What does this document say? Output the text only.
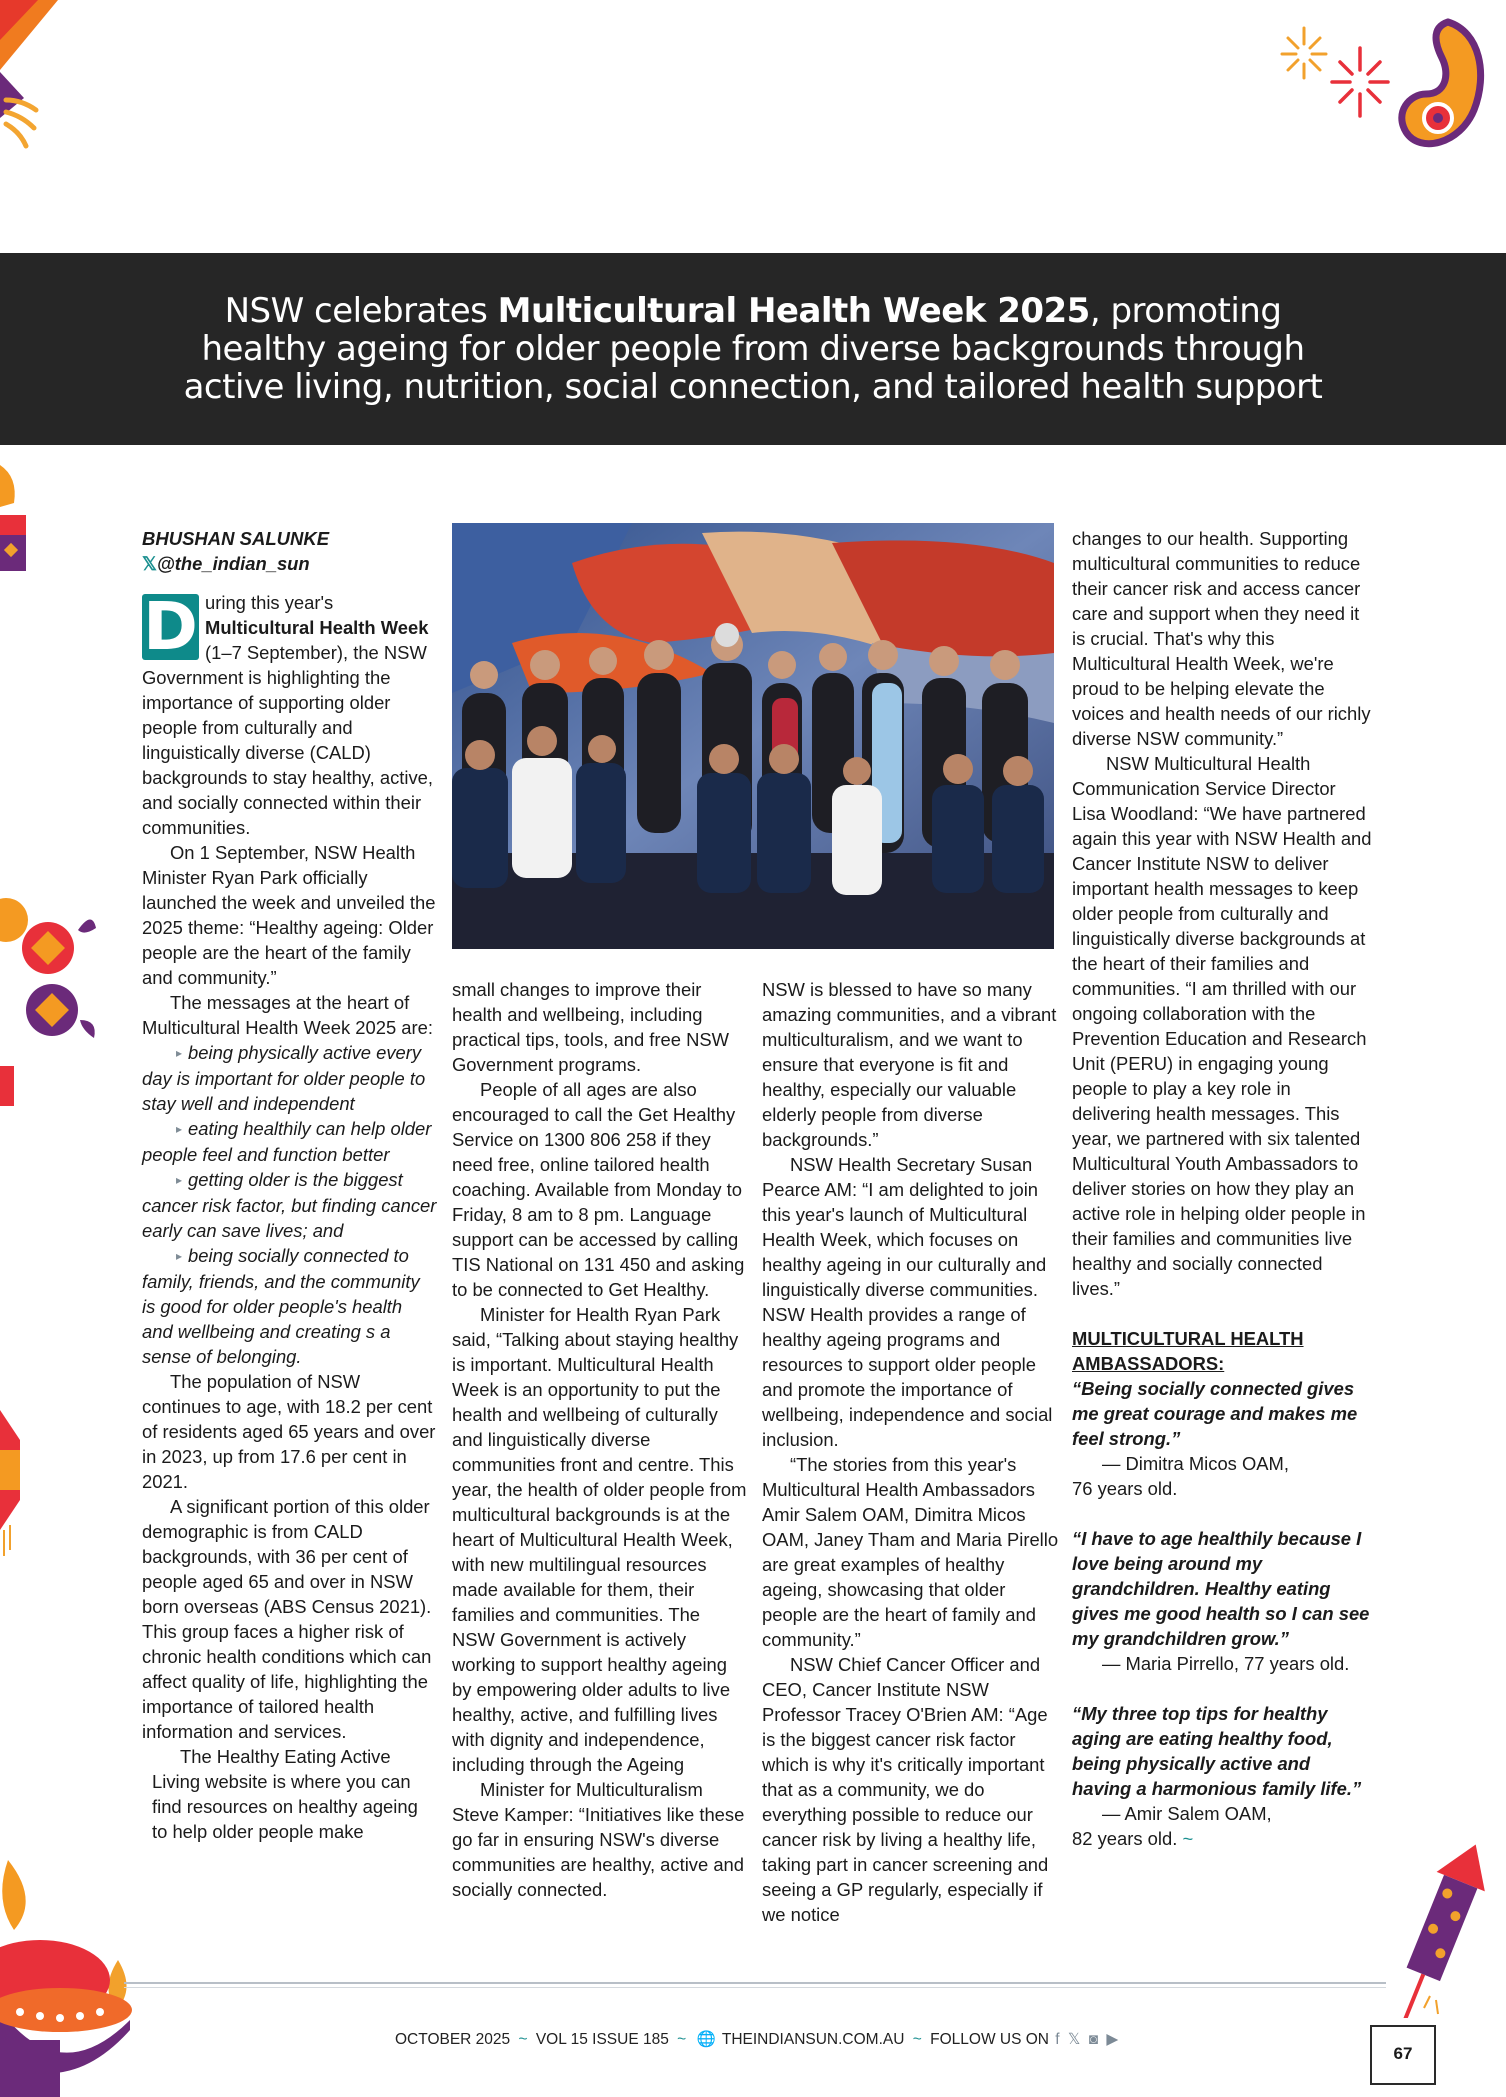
NSW celebrates Multicultural Health Week 2025, promoting
healthy ageing for older people from diverse backgrounds through
active living, nutrition, social connection, and tailored health support

BHUSHAN SALUNKE

𝕏@the_indian_sun

D uring this year's Multicultural Health Week (1–7 September), the NSW Government is highlighting the importance of supporting older people from culturally and linguistically diverse (CALD) backgrounds to stay healthy, active, and socially connected within their communities.

On 1 September, NSW Health Minister Ryan Park officially launched the week and unveiled the 2025 theme: “Healthy ageing: Older people are the heart of the family and community.”

The messages at the heart of Multicultural Health Week 2025 are:

▸ being physically active every day is important for older people to stay well and independent

▸ eating healthily can help older people feel and function better

▸ getting older is the biggest cancer risk factor, but finding cancer early can save lives; and

▸ being socially connected to family, friends, and the community is good for older people's health and wellbeing and creating s a sense of belonging.

The population of NSW continues to age, with 18.2 per cent of residents aged 65 years and over in 2023, up from 17.6 per cent in 2021.

A significant portion of this older demographic is from CALD backgrounds, with 36 per cent of people aged 65 and over in NSW born overseas (ABS Census 2021). This group faces a higher risk of chronic health conditions which can affect quality of life, highlighting the importance of tailored health information and services.

The Healthy Eating Active Living website is where you can find resources on healthy ageing to help older people make

small changes to improve their health and wellbeing, including practical tips, tools, and free NSW Government programs.

People of all ages are also encouraged to call the Get Healthy Service on 1300 806 258 if they need free, online tailored health coaching. Available from Monday to Friday, 8 am to 8 pm. Language support can be accessed by calling TIS National on 131 450 and asking to be connected to Get Healthy.

Minister for Health Ryan Park said, “Talking about staying healthy is important. Multicultural Health Week is an opportunity to put the health and wellbeing of culturally and linguistically diverse communities front and centre. This year, the health of older people from multicultural backgrounds is at the heart of Multicultural Health Week, with new multilingual resources made available for them, their families and communities. The NSW Government is actively working to support healthy ageing by empowering older adults to live healthy, active, and fulfilling lives with dignity and independence, including through the Ageing

Minister for Multiculturalism Steve Kamper: “Initiatives like these go far in ensuring NSW's diverse communities are healthy, active and socially connected.

NSW is blessed to have so many amazing communities, and a vibrant multiculturalism, and we want to ensure that everyone is fit and healthy, especially our valuable elderly people from diverse backgrounds.”

NSW Health Secretary Susan Pearce AM: “I am delighted to join this year's launch of Multicultural Health Week, which focuses on healthy ageing in our culturally and linguistically diverse communities. NSW Health provides a range of healthy ageing programs and resources to support older people and promote the importance of wellbeing, independence and social inclusion.

“The stories from this year's Multicultural Health Ambassadors Amir Salem OAM, Dimitra Micos OAM, Janey Tham and Maria Pirello are great examples of healthy ageing, showcasing that older people are the heart of family and community.”

NSW Chief Cancer Officer and CEO, Cancer Institute NSW Professor Tracey O'Brien AM: “Age is the biggest cancer risk factor which is why it's critically important that as a community, we do everything possible to reduce our cancer risk by living a healthy life, taking part in cancer screening and seeing a GP regularly, especially if we notice

changes to our health. Supporting multicultural communities to reduce their cancer risk and access cancer care and support when they need it is crucial. That's why this Multicultural Health Week, we're proud to be helping elevate the voices and health needs of our richly diverse NSW community.”

NSW Multicultural Health Communication Service Director Lisa Woodland: “We have partnered again this year with NSW Health and Cancer Institute NSW to deliver important health messages to keep older people from culturally and linguistically diverse backgrounds at the heart of their families and communities. “I am thrilled with our ongoing collaboration with the Prevention Education and Research Unit (PERU) in engaging young people to play a key role in delivering health messages. This year, we partnered with six talented Multicultural Youth Ambassadors to deliver stories on how they play an active role in helping older people in their families and communities live healthy and socially connected lives.”

MULTICULTURAL HEALTH AMBASSADORS:

“Being socially connected gives me great courage and makes me feel strong.”

— Dimitra Micos OAM,

76 years old.

“I have to age healthily because I love being around my grandchildren. Healthy eating gives me good health so I can see my grandchildren grow.”

— Maria Pirrello, 77 years old.

“My three top tips for healthy aging are eating healthy food, being physically active and having a harmonious family life.”

— Amir Salem OAM,

82 years old. ~

OCTOBER 2025 ~ VOL 15 ISSUE 185 ~ 🌐 THEINDIANSUN.COM.AU ~ FOLLOW US ON f 𝕏 ◙ ▶
67
